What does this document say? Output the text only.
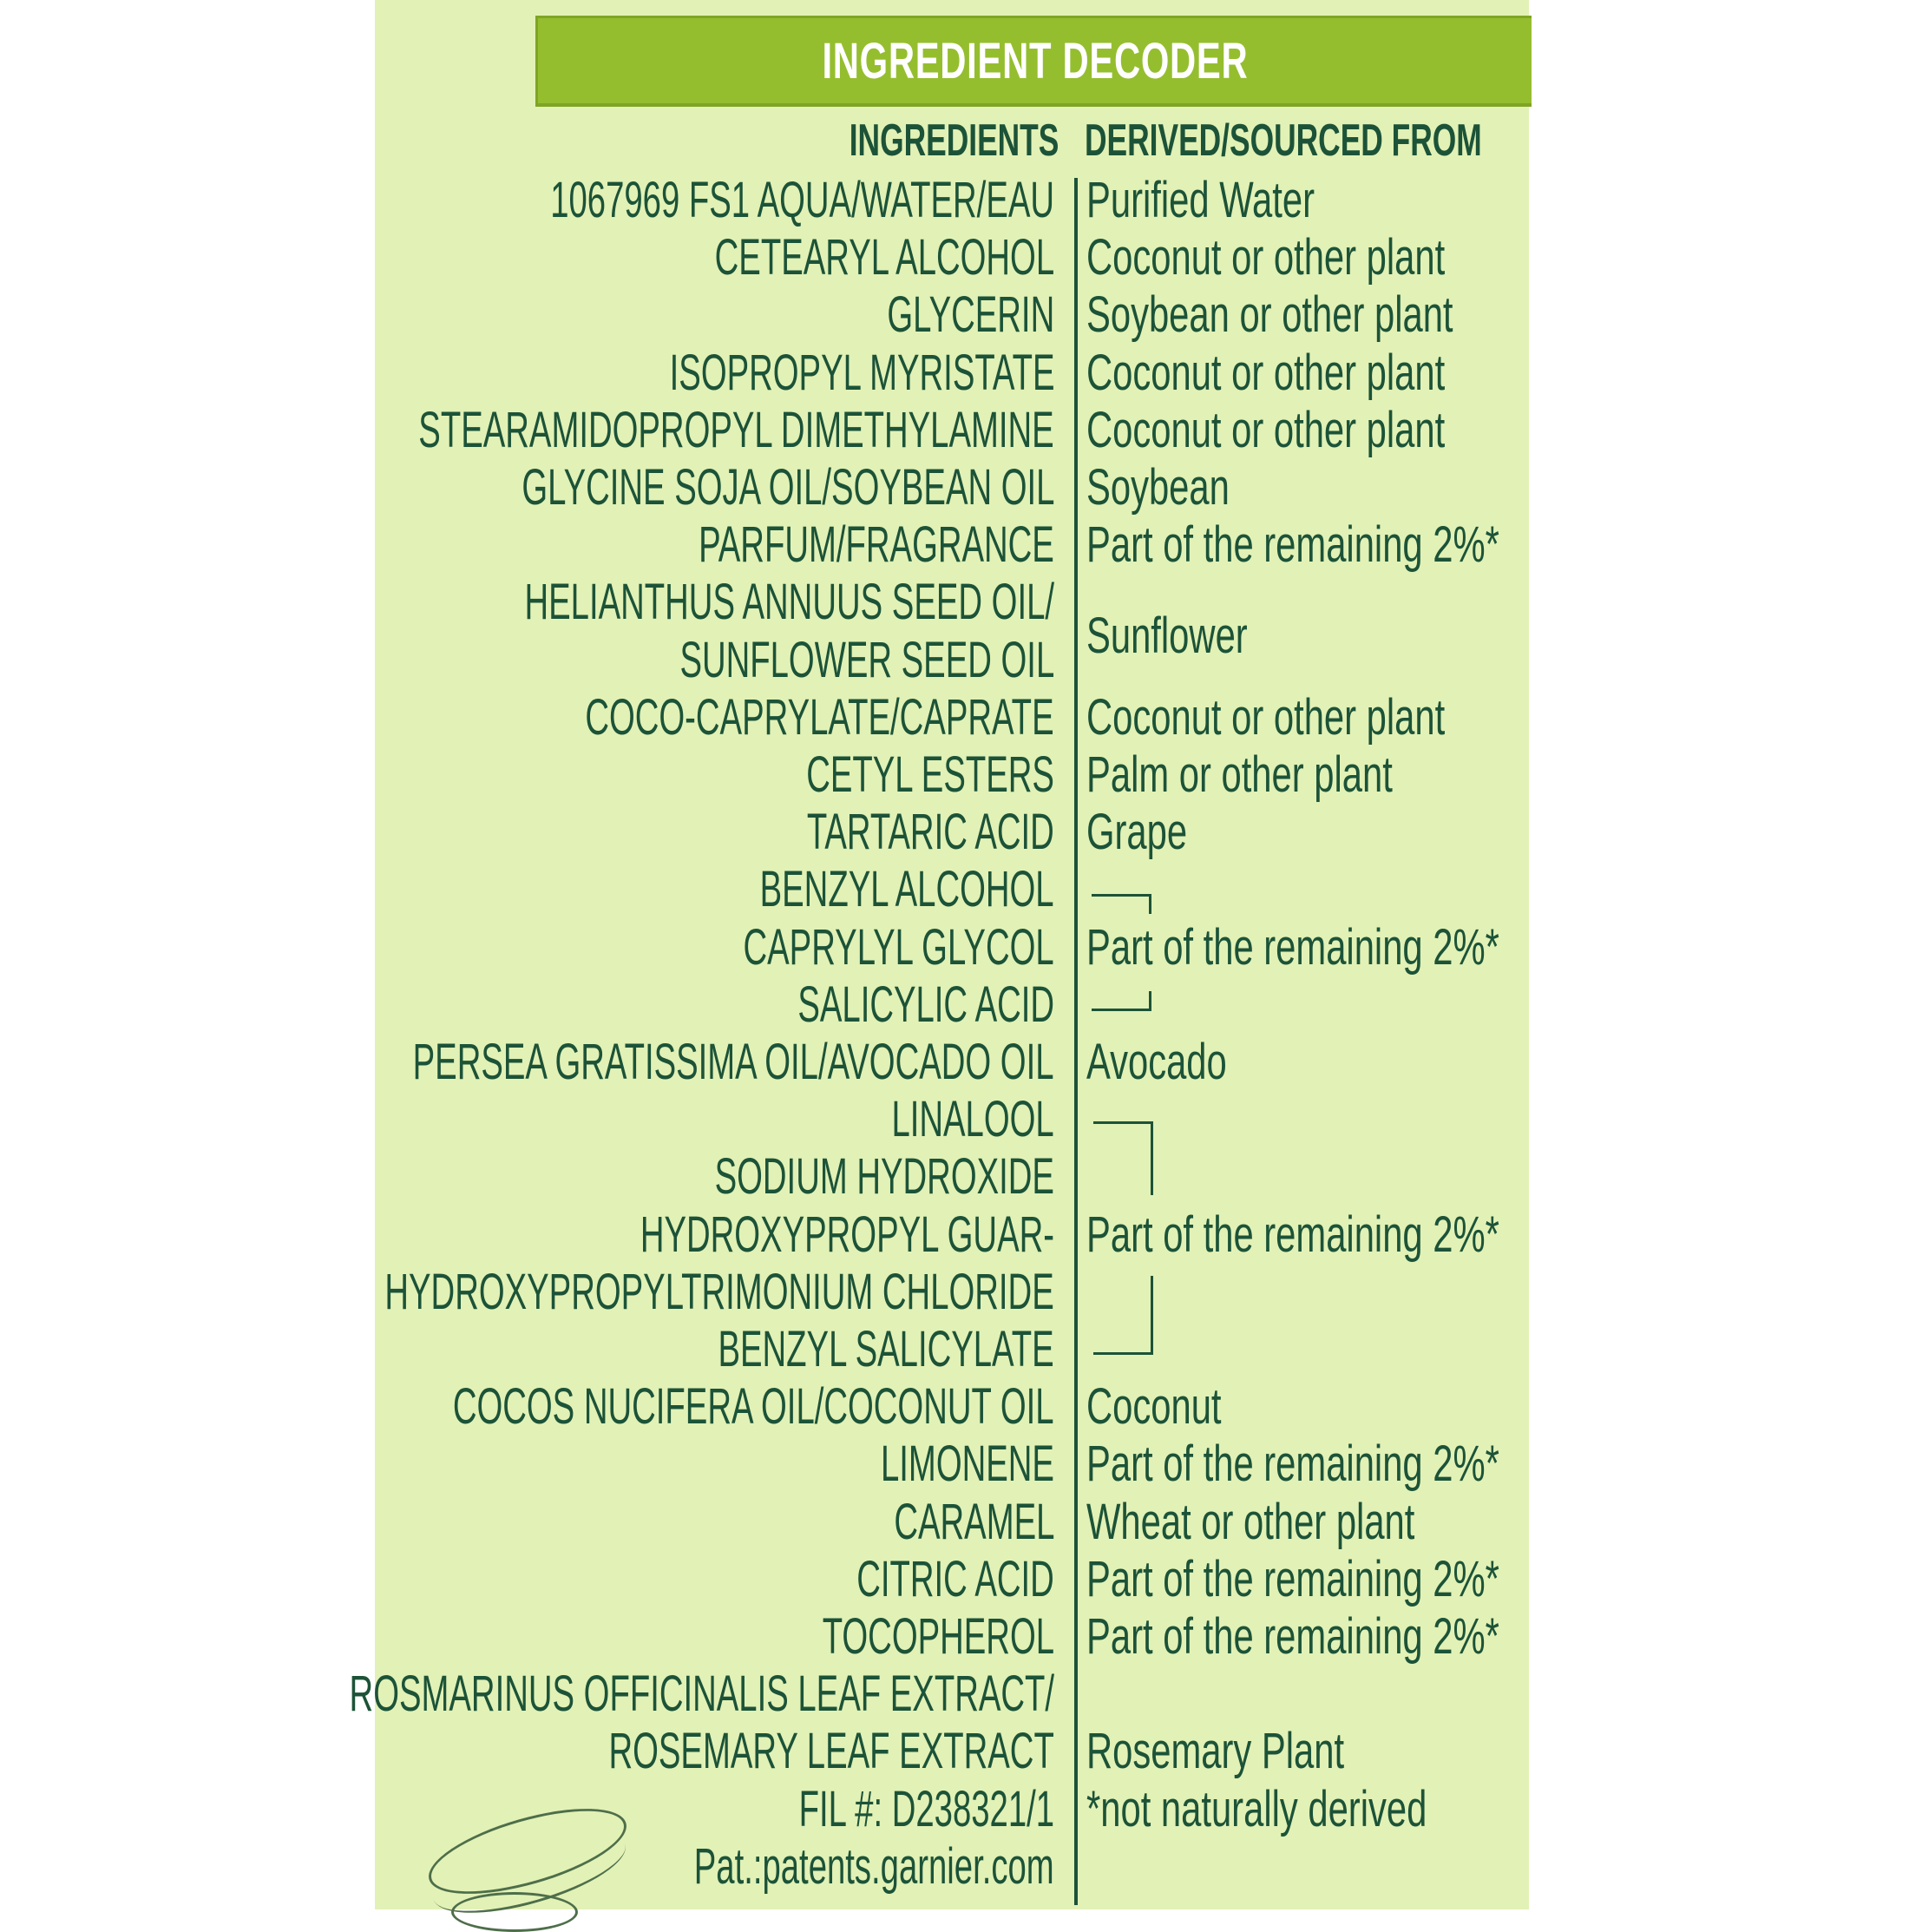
INGREDIENT DECODER
INGREDIENTS DERIVED/SOURCED FROM
1067969 FS1 AQUA/WATER/EAU Purified Water
CETEARYL ALCOHOL Coconut or other plant
GLYCERIN Soybean or other plant
ISOPROPYL MYRISTATE Coconut or other plant
STEARAMIDOPROPYL DIMETHYLAMINE Coconut or other plant
GLYCINE SOJA OIL/SOYBEAN OIL Soybean
PARFUM/FRAGRANCE Part of the remaining 2%*
HELIANTHUS ANNUUS SEED OIL/
SUNFLOWER SEED OIL
COCO-CAPRYLATE/CAPRATE Coconut or other plant
CETYL ESTERS Palm or other plant
TARTARIC ACID Grape
BENZYL ALCOHOL
CAPRYLYL GLYCOL Part of the remaining 2%*
SALICYLIC ACID
PERSEA GRATISSIMA OIL/AVOCADO OIL Avocado
LINALOOL
SODIUM HYDROXIDE
HYDROXYPROPYL GUAR- Part of the remaining 2%*
HYDROXYPROPYLTRIMONIUM CHLORIDE
BENZYL SALICYLATE
COCOS NUCIFERA OIL/COCONUT OIL Coconut
LIMONENE Part of the remaining 2%*
CARAMEL Wheat or other plant
CITRIC ACID Part of the remaining 2%*
TOCOPHEROL Part of the remaining 2%*
ROSMARINUS OFFICINALIS LEAF EXTRACT/
ROSEMARY LEAF EXTRACT Rosemary Plant
FIL #: D238321/1 *not naturally derived
Pat.:patents.garnier.com
Sunflower
